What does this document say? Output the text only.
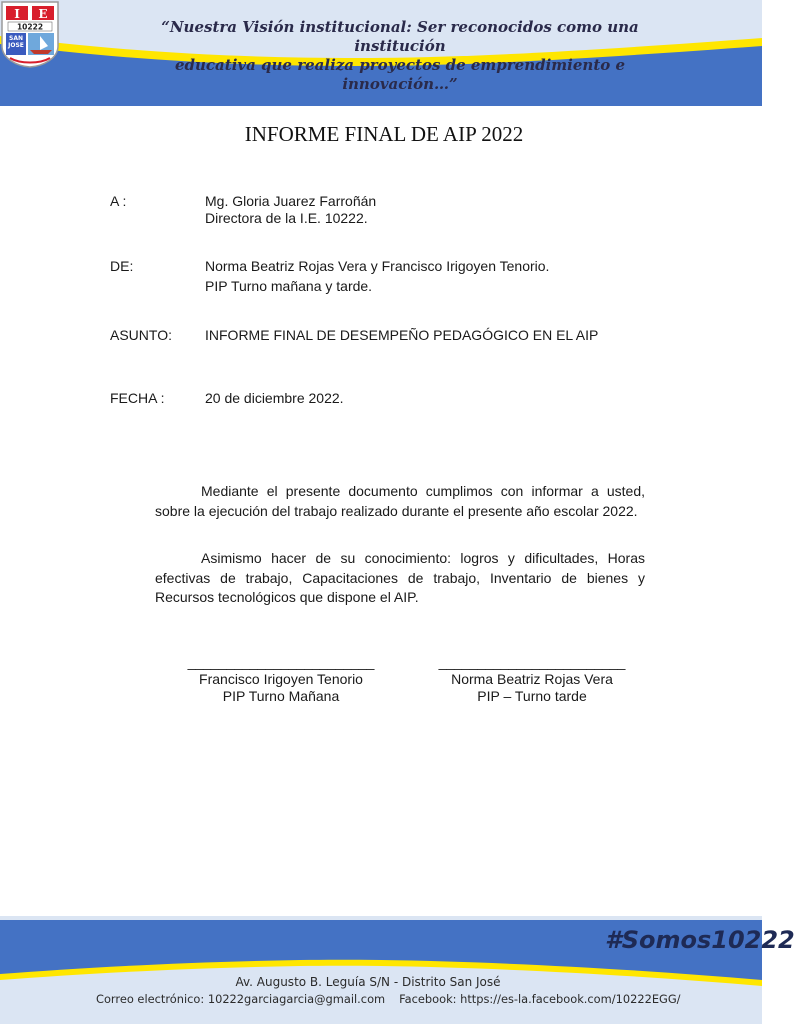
“Nuestra Visión institucional: Ser reconocidos como una institución
educativa que realiza proyectos de emprendimiento e innovación…”
I E
10222
SAN
JOSE
INFORME FINAL DE AIP 2022
A :	Mg. Gloria Juarez Farroñán
Directora de la I.E. 10222.
DE:	Norma Beatriz Rojas Vera y Francisco Irigoyen Tenorio.
PIP Turno mañana y tarde.
ASUNTO: INFORME FINAL DE DESEMPEÑO PEDAGÓGICO EN EL AIP
FECHA :	20 de diciembre 2022.
Mediante el presente documento cumplimos con informar a usted, sobre la ejecución del trabajo realizado durante el presente año escolar 2022.
Asimismo hacer de su conocimiento: logros y dificultades, Horas efectivas de trabajo, Capacitaciones de trabajo, Inventario de bienes y Recursos tecnológicos que dispone el AIP.
________________________
Francisco Irigoyen Tenorio
PIP Turno Mañana
________________________
Norma Beatriz Rojas Vera
PIP – Turno tarde
#Somos10222
Av. Augusto B. Leguía S/N - Distrito San José
Correo electrónico: 10222garciagarcia@gmail.com Facebook: https://es-la.facebook.com/10222EGG/
